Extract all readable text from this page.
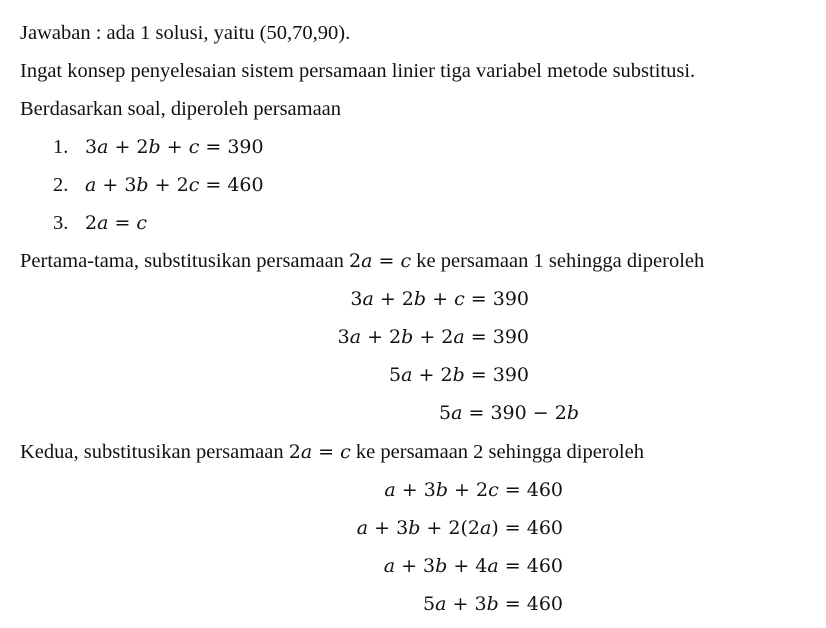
Jawaban : ada 1 solusi, yaitu (50,70,90).
Ingat konsep penyelesaian sistem persamaan linier tiga variabel metode substitusi.
Berdasarkan soal, diperoleh persamaan
1. 3a + 2b + c = 390
2. a + 3b + 2c = 460
3. 2a = c
Pertama-tama, substitusikan persamaan 2a = c ke persamaan 1 sehingga diperoleh
3a + 2b + c = 390
3a + 2b + 2a = 390
5a + 2b = 390
5a = 390 − 2b
Kedua, substitusikan persamaan 2a = c ke persamaan 2 sehingga diperoleh
a + 3b + 2c = 460
a + 3b + 2(2a) = 460
a + 3b + 4a = 460
5a + 3b = 460
